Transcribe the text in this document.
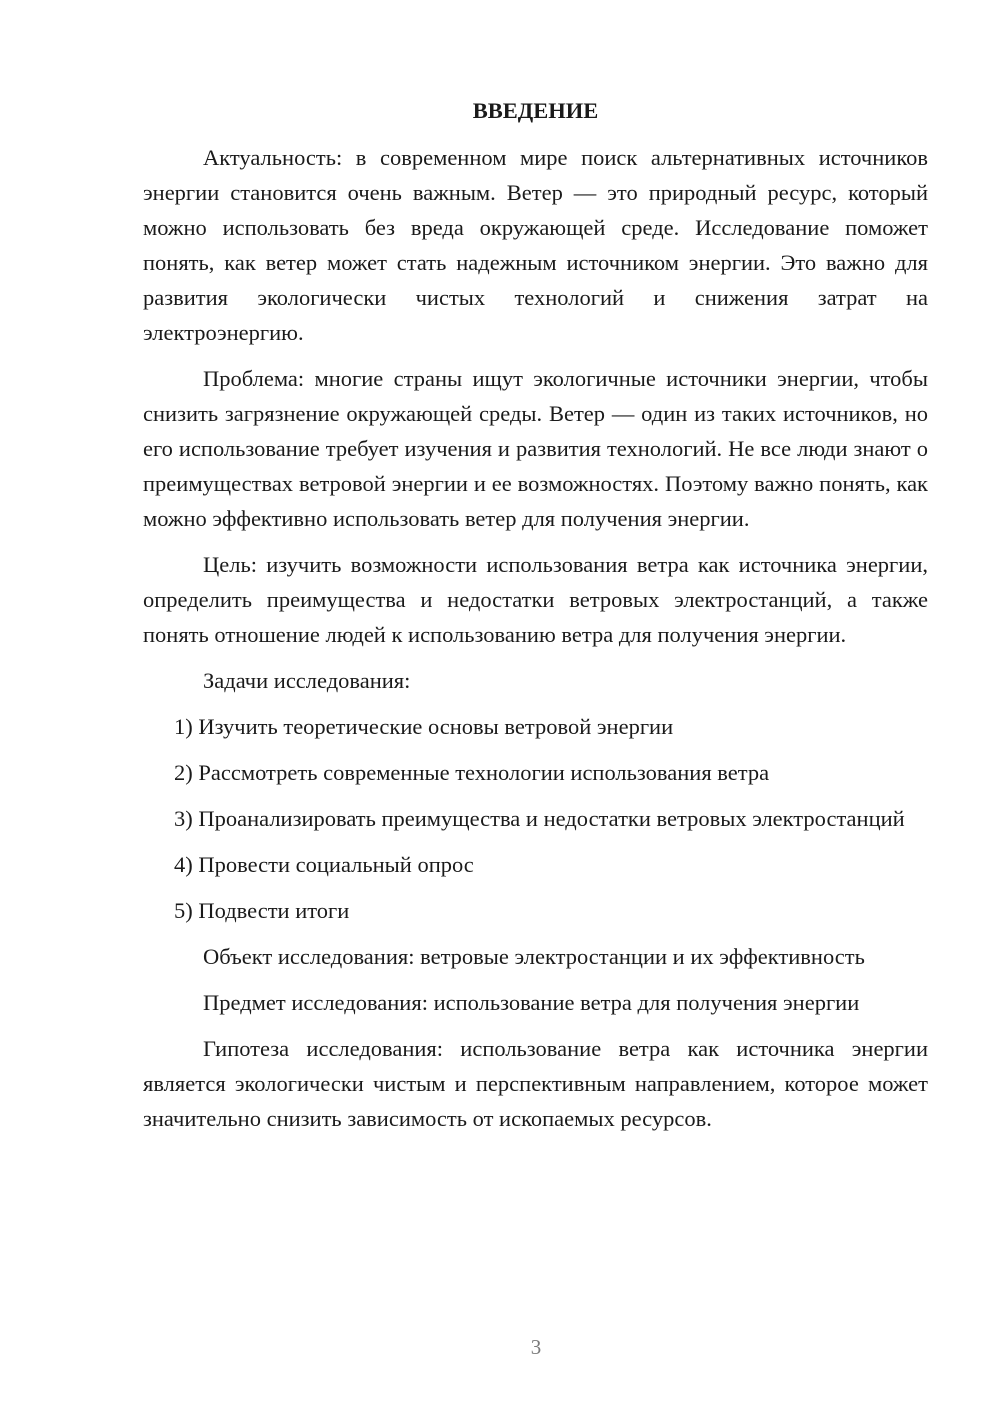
ВВЕДЕНИЕ

Актуальность: в современном мире поиск альтернативных источников энергии становится очень важным. Ветер — это природный ресурс, который можно использовать без вреда окружающей среде. Исследование поможет понять, как ветер может стать надежным источником энергии. Это важно для развития экологически чистых технологий и снижения затрат на электроэнергию.

Проблема: многие страны ищут экологичные источники энергии, чтобы снизить загрязнение окружающей среды. Ветер — один из таких источников, но его использование требует изучения и развития технологий. Не все люди знают о преимуществах ветровой энергии и ее возможностях. Поэтому важно понять, как можно эффективно использовать ветер для получения энергии.

Цель: изучить возможности использования ветра как источника энергии, определить преимущества и недостатки ветровых электростанций, а также понять отношение людей к использованию ветра для получения энергии.

Задачи исследования:

1) Изучить теоретические основы ветровой энергии

2) Рассмотреть современные технологии использования ветра

3) Проанализировать преимущества и недостатки ветровых электростанций

4) Провести социальный опрос

5) Подвести итоги

Объект исследования: ветровые электростанции и их эффективность

Предмет исследования: использование ветра для получения энергии

Гипотеза исследования: использование ветра как источника энергии является экологически чистым и перспективным направлением, которое может значительно снизить зависимость от ископаемых ресурсов.

3
